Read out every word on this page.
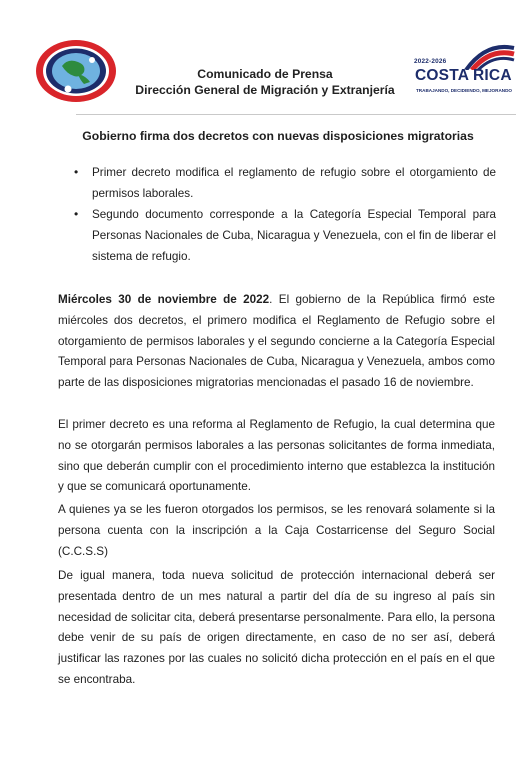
Comunicado de Prensa
Dirección General de Migración y Extranjería
2022-2026
COSTA RICA
TRABAJANDO, DECIDIENDO, MEJORANDO
Gobierno firma dos decretos con nuevas disposiciones migratorias
• Primer decreto modifica el reglamento de refugio sobre el otorgamiento de permisos laborales.
• Segundo documento corresponde a la Categoría Especial Temporal para Personas Nacionales de Cuba, Nicaragua y Venezuela, con el fin de liberar el sistema de refugio.

Miércoles 30 de noviembre de 2022. El gobierno de la República firmó este miércoles dos decretos, el primero modifica el Reglamento de Refugio sobre el otorgamiento de permisos laborales y el segundo concierne a la Categoría Especial Temporal para Personas Nacionales de Cuba, Nicaragua y Venezuela, ambos como parte de las disposiciones migratorias mencionadas el pasado 16 de noviembre.

El primer decreto es una reforma al Reglamento de Refugio, la cual determina que no se otorgarán permisos laborales a las personas solicitantes de forma inmediata, sino que deberán cumplir con el procedimiento interno que establezca la institución y que se comunicará oportunamente.

A quienes ya se les fueron otorgados los permisos, se les renovará solamente si la persona cuenta con la inscripción a la Caja Costarricense del Seguro Social (C.C.S.S)

De igual manera, toda nueva solicitud de protección internacional deberá ser presentada dentro de un mes natural a partir del día de su ingreso al país sin necesidad de solicitar cita, deberá presentarse personalmente. Para ello, la persona debe venir de su país de origen directamente, en caso de no ser así, deberá justificar las razones por las cuales no solicitó dicha protección en el país en el que se encontraba.
